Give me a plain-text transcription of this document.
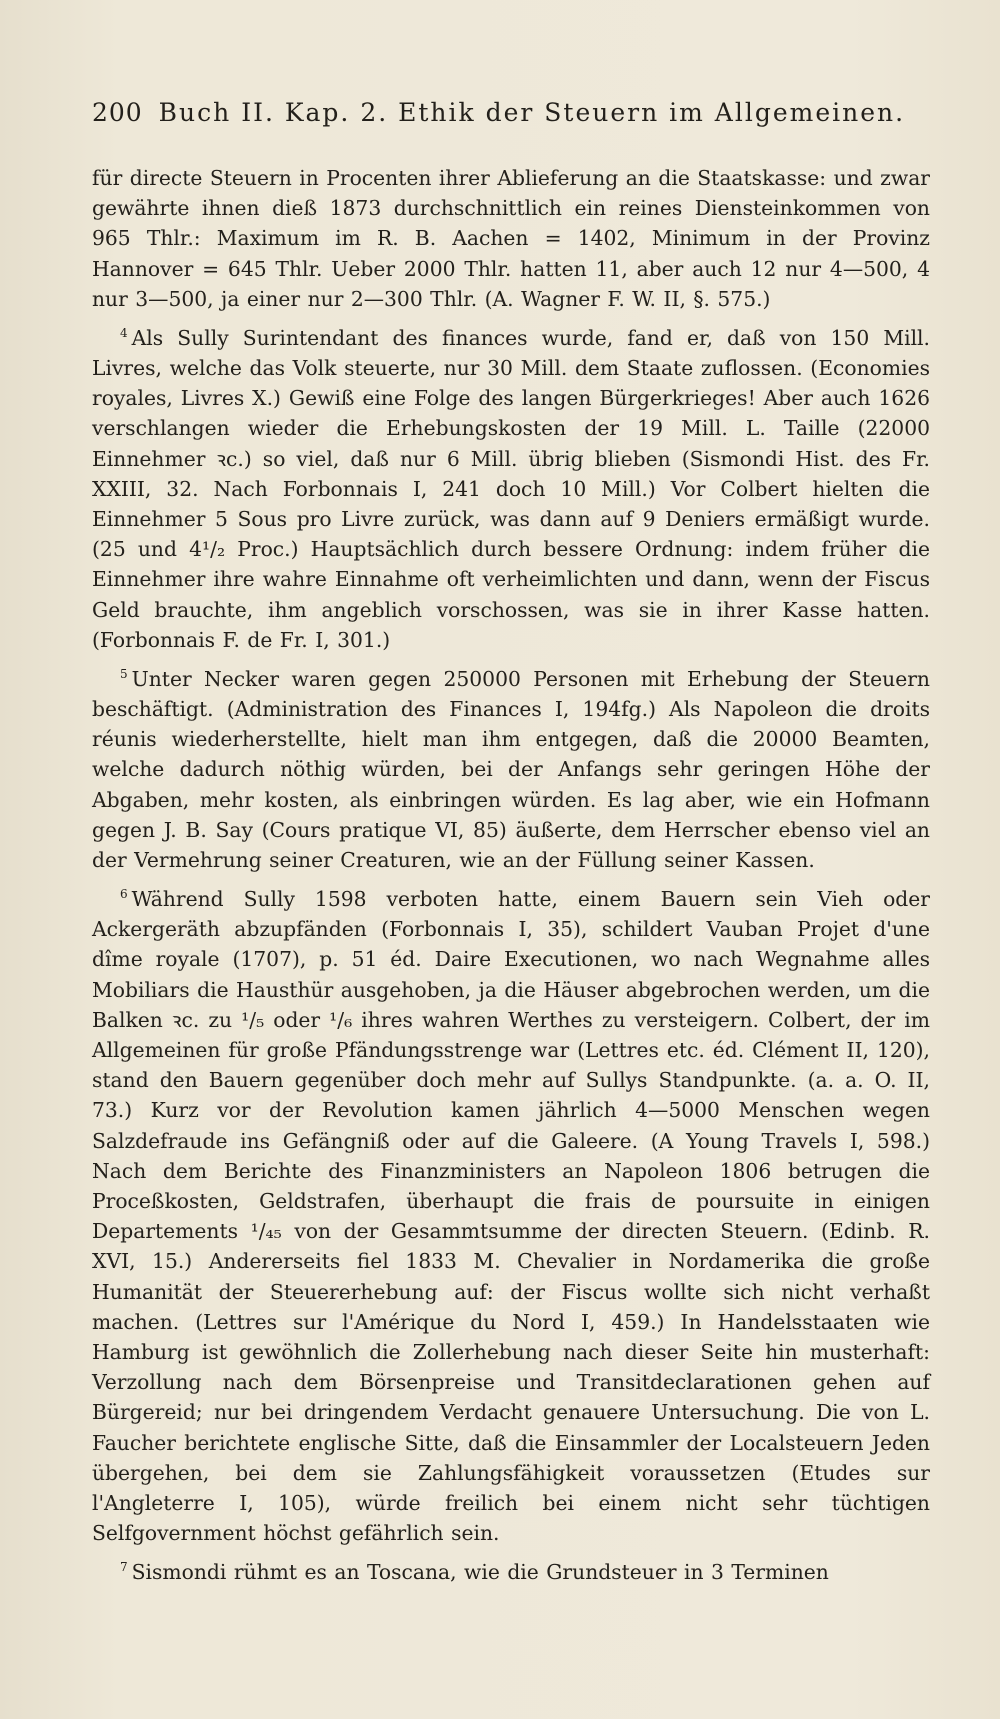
200 Buch II. Kap. 2. Ethik der Steuern im Allgemeinen.

für directe Steuern in Procenten ihrer Ablieferung an die Staatskasse: und zwar gewährte ihnen dieß 1873 durchschnittlich ein reines Diensteinkommen von 965 Thlr.: Maximum im R. B. Aachen = 1402, Minimum in der Provinz Hannover = 645 Thlr. Ueber 2000 Thlr. hatten 11, aber auch 12 nur 4—500, 4 nur 3—500, ja einer nur 2—300 Thlr. (A. Wagner F. W. II, §. 575.)

$^4$ Als Sully Surintendant des finances wurde, fand er, daß von 150 Mill. Livres, welche das Volk steuerte, nur 30 Mill. dem Staate zuflossen. (Economies royales, Livres X.) Gewiß eine Folge des langen Bürgerkrieges! Aber auch 1626 verschlangen wieder die Erhebungskosten der 19 Mill. L. Taille (22000 Einnehmer ꝛc.) so viel, daß nur 6 Mill. übrig blieben (Sismondi Hist. des Fr. XXIII, 32. Nach Forbonnais I, 241 doch 10 Mill.) Vor Colbert hielten die Einnehmer 5 Sous pro Livre zurück, was dann auf 9 Deniers ermäßigt wurde. (25 und 4¹/₂ Proc.) Hauptsächlich durch bessere Ordnung: indem früher die Einnehmer ihre wahre Einnahme oft verheimlichten und dann, wenn der Fiscus Geld brauchte, ihm angeblich vorschossen, was sie in ihrer Kasse hatten. (Forbonnais F. de Fr. I, 301.)

$^5$ Unter Necker waren gegen 250000 Personen mit Erhebung der Steuern beschäftigt. (Administration des Finances I, 194fg.) Als Napoleon die droits réunis wiederherstellte, hielt man ihm entgegen, daß die 20000 Beamten, welche dadurch nöthig würden, bei der Anfangs sehr geringen Höhe der Abgaben, mehr kosten, als einbringen würden. Es lag aber, wie ein Hofmann gegen J. B. Say (Cours pratique VI, 85) äußerte, dem Herrscher ebenso viel an der Vermehrung seiner Creaturen, wie an der Füllung seiner Kassen.

$^6$ Während Sully 1598 verboten hatte, einem Bauern sein Vieh oder Ackergeräth abzupfänden (Forbonnais I, 35), schildert Vauban Projet d'une dîme royale (1707), p. 51 éd. Daire Executionen, wo nach Wegnahme alles Mobiliars die Hausthür ausgehoben, ja die Häuser abgebrochen werden, um die Balken ꝛc. zu ¹/₅ oder ¹/₆ ihres wahren Werthes zu versteigern. Colbert, der im Allgemeinen für große Pfändungsstrenge war (Lettres etc. éd. Clément II, 120), stand den Bauern gegenüber doch mehr auf Sullys Standpunkte. (a. a. O. II, 73.) Kurz vor der Revolution kamen jährlich 4—5000 Menschen wegen Salzdefraude ins Gefängniß oder auf die Galeere. (A Young Travels I, 598.) Nach dem Berichte des Finanzministers an Napoleon 1806 betrugen die Proceßkosten, Geldstrafen, überhaupt die frais de poursuite in einigen Departements ¹/₄₅ von der Gesammtsumme der directen Steuern. (Edinb. R. XVI, 15.) Andererseits fiel 1833 M. Chevalier in Nordamerika die große Humanität der Steuererhebung auf: der Fiscus wollte sich nicht verhaßt machen. (Lettres sur l'Amérique du Nord I, 459.) In Handelsstaaten wie Hamburg ist gewöhnlich die Zollerhebung nach dieser Seite hin musterhaft: Verzollung nach dem Börsenpreise und Transitdeclarationen gehen auf Bürgereid; nur bei dringendem Verdacht genauere Untersuchung. Die von L. Faucher berichtete englische Sitte, daß die Einsammler der Localsteuern Jeden übergehen, bei dem sie Zahlungsfähigkeit voraussetzen (Etudes sur l'Angleterre I, 105), würde freilich bei einem nicht sehr tüchtigen Selfgovernment höchst gefährlich sein.

$^7$ Sismondi rühmt es an Toscana, wie die Grundsteuer in 3 Terminen
